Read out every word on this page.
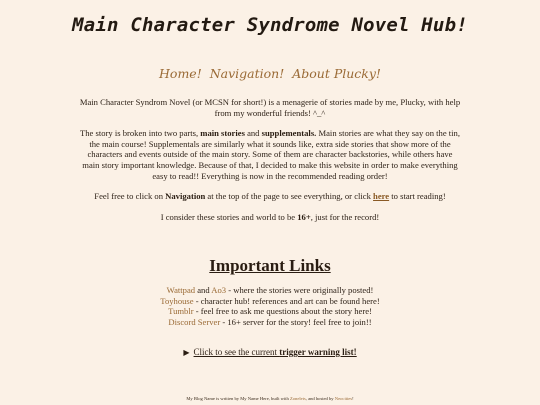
Main Character Syndrome Novel Hub!
Home! Navigation! About Plucky!

Main Character Syndrom Novel (or MCSN for short!) is a menagerie of stories made by me, Plucky, with help from my wonderful friends! ^_^

The story is broken into two parts, main stories and supplementals. Main stories are what they say on the tin, the main course! Supplementals are similarly what it sounds like, extra side stories that show more of the characters and events outside of the main story. Some of them are character backstories, while others have main story important knowledge. Because of that, I decided to make this website in order to make everything easy to read!! Everything is now in the recommended reading order!

Feel free to click on Navigation at the top of the page to see everything, or click here to start reading!

I consider these stories and world to be 16+, just for the record!

Important Links
Wattpad and Ao3 - where the stories were originally posted!
Toyhouse - character hub! references and art can be found here!
Tumblr - feel free to ask me questions about the story here!
Discord Server - 16+ server for the story! feel free to join!!
▶ Click to see the current trigger warning list!
My Blog Name is written by My Name Here, built with Zonelets, and hosted by Neocities!
